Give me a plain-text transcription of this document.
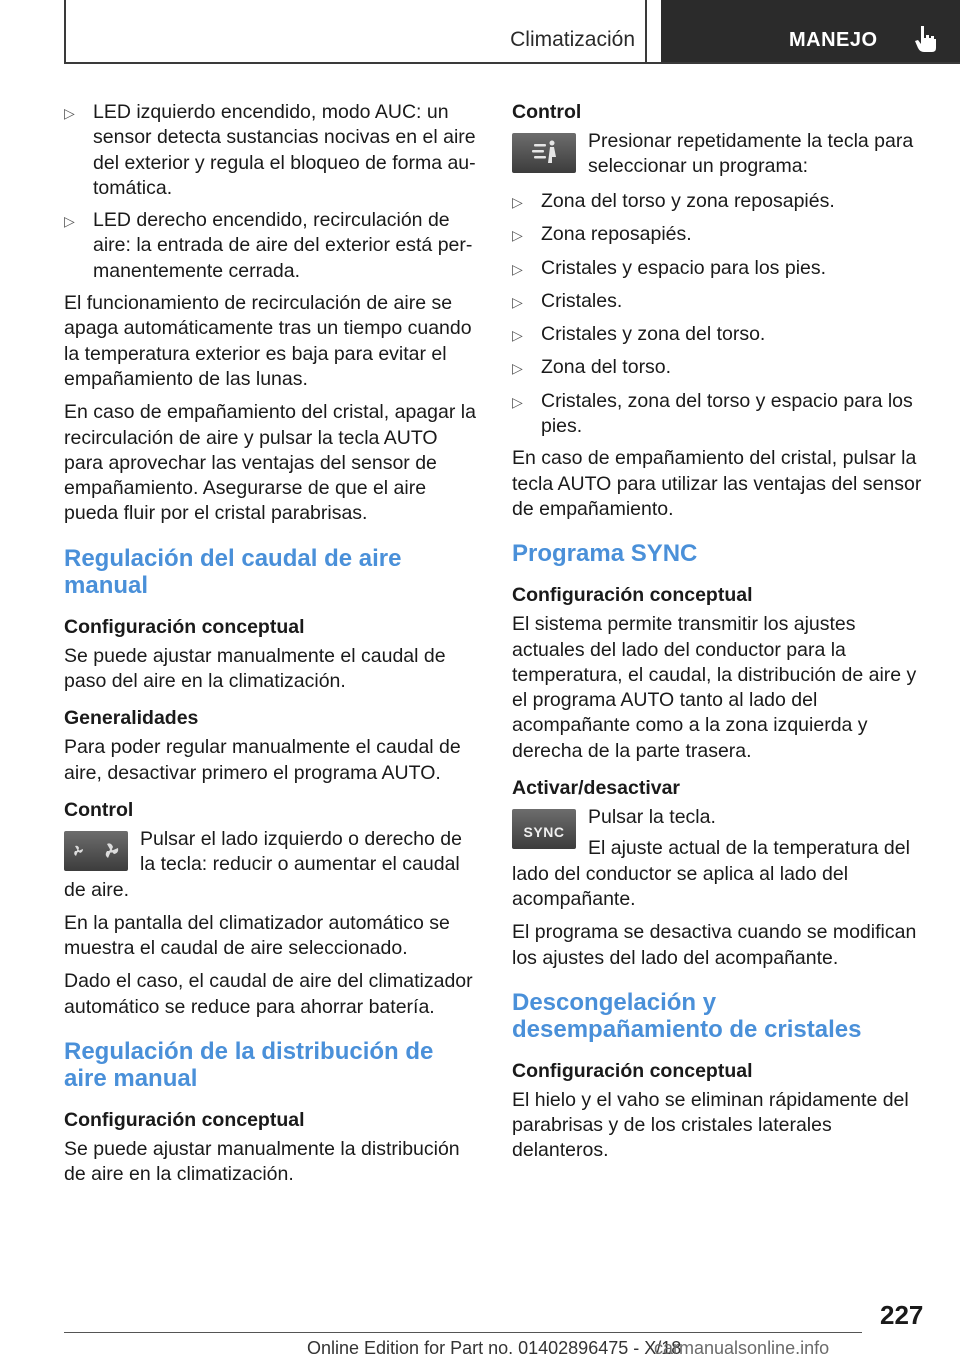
Climatización	MANEJO
▷ LED izquierdo encendido, modo AUC: un sensor detecta sustancias nocivas en el aire del exterior y regula el bloqueo de forma automática.
▷ LED derecho encendido, recirculación de aire: la entrada de aire del exterior está permanentemente cerrada.

El funcionamiento de recirculación de aire se apaga automáticamente tras un tiempo cuando la temperatura exterior es baja para evitar el empañamiento de las lunas.

En caso de empañamiento del cristal, apagar la recirculación de aire y pulsar la tecla AUTO para aprovechar las ventajas del sensor de empañamiento. Asegurarse de que el aire pueda fluir por el cristal parabrisas.

Regulación del caudal de aire manual
Configuración conceptual

Se puede ajustar manualmente el caudal de paso del aire en la climatización.

Generalidades

Para poder regular manualmente el caudal de aire, desactivar primero el programa AUTO.

Control

Pulsar el lado izquierdo o derecho de la tecla: reducir o aumentar el caudal de aire.

En la pantalla del climatizador automático se muestra el caudal de aire seleccionado.

Dado el caso, el caudal de aire del climatizador automático se reduce para ahorrar batería.

Regulación de la distribución de aire manual
Configuración conceptual

Se puede ajustar manualmente la distribución de aire en la climatización.

Control

Presionar repetidamente la tecla para seleccionar un programa:

▷ Zona del torso y zona reposapiés.
▷ Zona reposapiés.
▷ Cristales y espacio para los pies.
▷ Cristales.
▷ Cristales y zona del torso.
▷ Zona del torso.
▷ Cristales, zona del torso y espacio para los pies.

En caso de empañamiento del cristal, pulsar la tecla AUTO para utilizar las ventajas del sensor de empañamiento.

Programa SYNC
Configuración conceptual

El sistema permite transmitir los ajustes actuales del lado del conductor para la temperatura, el caudal, la distribución de aire y el programa AUTO tanto al lado del acompañante como a la zona izquierda y derecha de la parte trasera.

Activar/desactivar
SYNC

Pulsar la tecla.

El ajuste actual de la temperatura del lado del conductor se aplica al lado del acompañante.

El programa se desactiva cuando se modifican los ajustes del lado del acompañante.

Descongelación y desempañamiento de cristales
Configuración conceptual

El hielo y el vaho se eliminan rápidamente del parabrisas y de los cristales laterales delanteros.

227
Online Edition for Part no. 01402896475 - X/18
carmanualsonline.info
